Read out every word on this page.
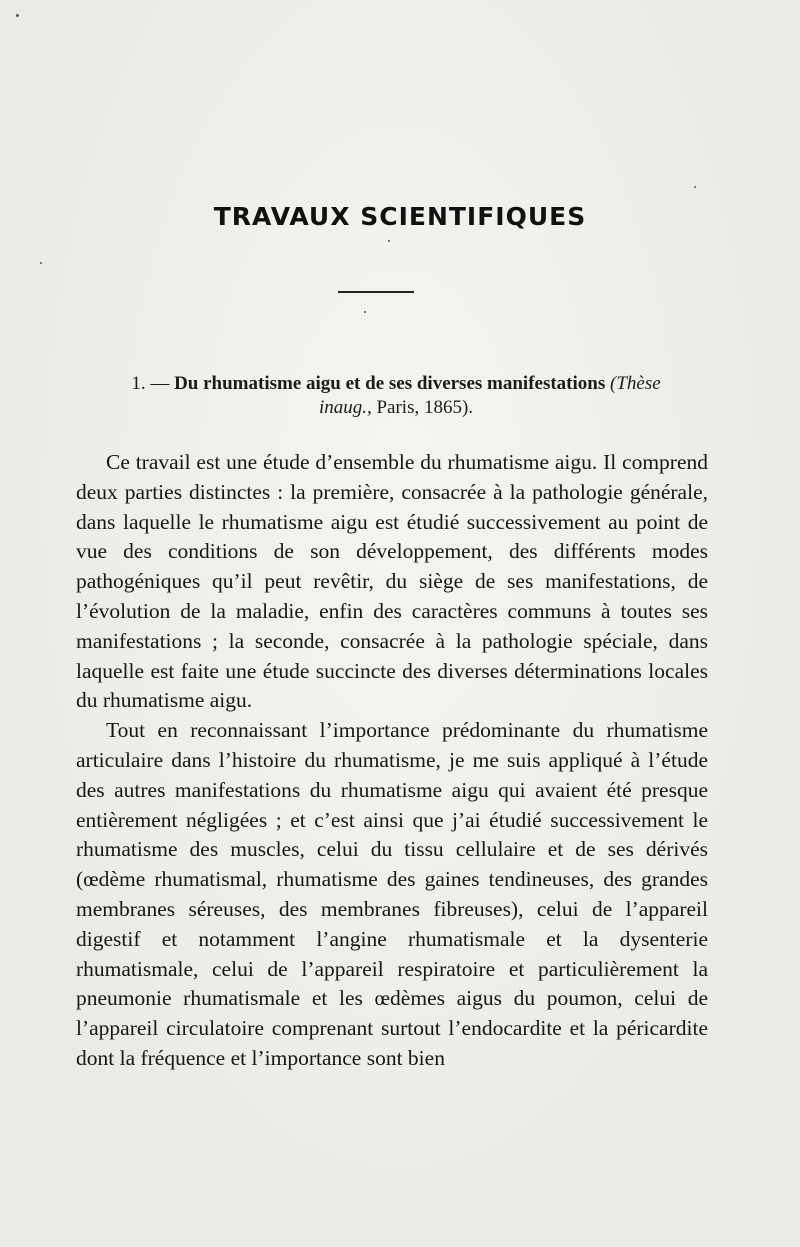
TRAVAUX SCIENTIFIQUES
1. — Du rhumatisme aigu et de ses diverses manifestations (Thèse
inaug., Paris, 1865).

Ce travail est une étude d’ensemble du rhumatisme aigu. Il comprend deux parties distinctes : la première, consacrée à la pathologie générale, dans laquelle le rhumatisme aigu est étudié successivement au point de vue des conditions de son développement, des différents modes pathogéniques qu’il peut revêtir, du siège de ses manifestations, de l’évolution de la maladie, enfin des caractères communs à toutes ses manifestations ; la seconde, consacrée à la pathologie spéciale, dans laquelle est faite une étude succincte des diverses déterminations locales du rhumatisme aigu.

Tout en reconnaissant l’importance prédominante du rhumatisme articulaire dans l’histoire du rhumatisme, je me suis appliqué à l’étude des autres manifestations du rhumatisme aigu qui avaient été presque entièrement négligées ; et c’est ainsi que j’ai étudié successivement le rhumatisme des muscles, celui du tissu cellulaire et de ses dérivés (œdème rhumatismal, rhumatisme des gaines tendineuses, des grandes membranes séreuses, des membranes fibreuses), celui de l’appareil digestif et notamment l’angine rhumatismale et la dysenterie rhumatismale, celui de l’appareil respiratoire et particulièrement la pneumonie rhumatismale et les œdèmes aigus du poumon, celui de l’appareil circulatoire comprenant surtout l’endocardite et la péricardite dont la fréquence et l’importance sont bien
